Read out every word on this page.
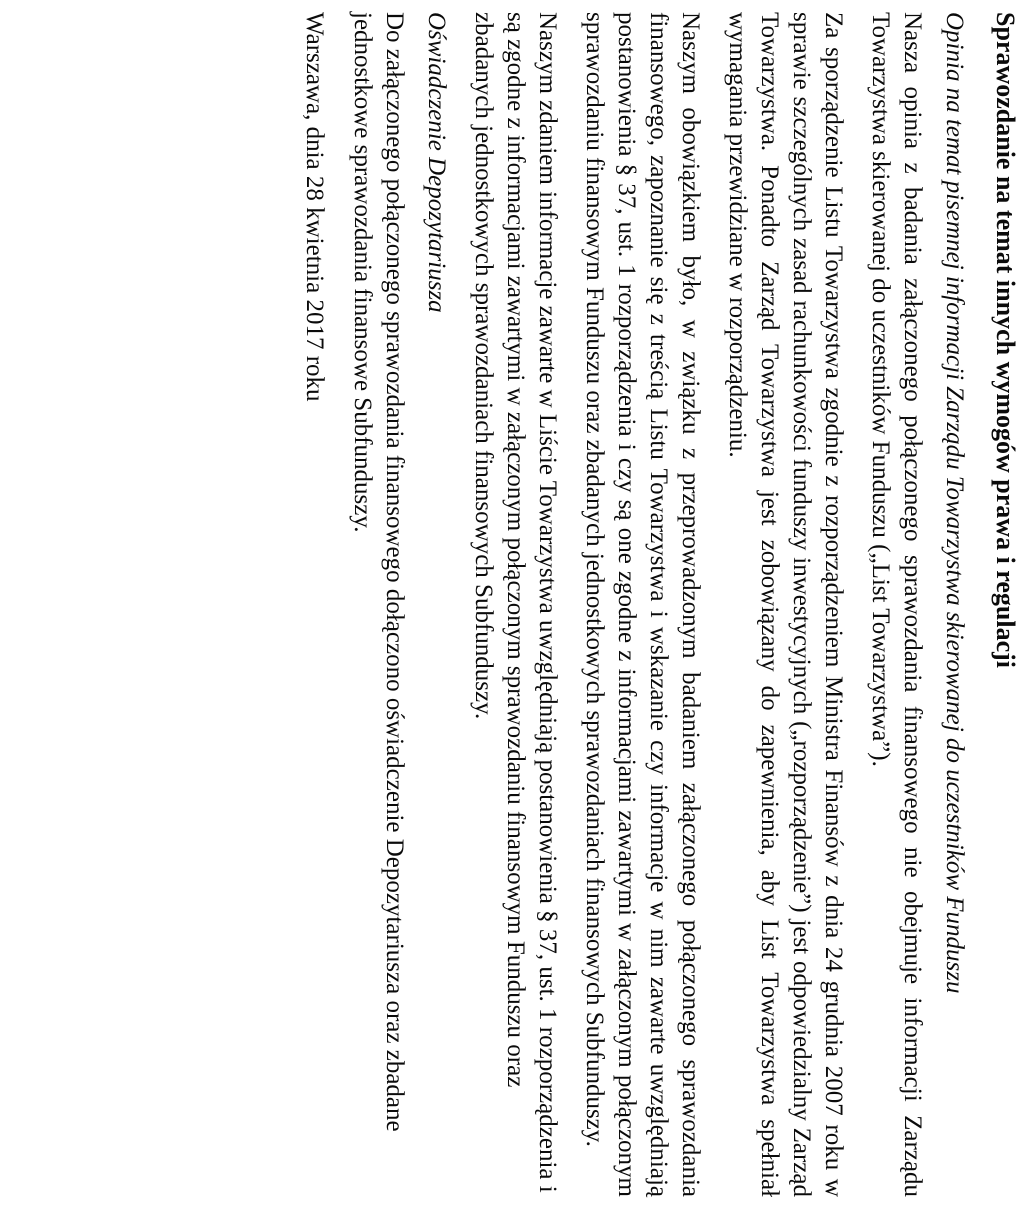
Sprawozdanie na temat innych wymogów prawa i regulacji
Opinia na temat pisemnej informacji Zarządu Towarzystwa skierowanej do uczestników Funduszu

Nasza opinia z badania załączonego połączonego sprawozdania finansowego nie obejmuje informacji Zarządu Towarzystwa skierowanej do uczestników Funduszu („List Towarzystwa”).

Za sporządzenie Listu Towarzystwa zgodnie z rozporządzeniem Ministra Finansów z dnia 24 grudnia 2007 roku w sprawie szczególnych zasad rachunkowości funduszy inwestycyjnych („rozporządzenie”) jest odpowiedzialny Zarząd Towarzystwa. Ponadto Zarząd Towarzystwa jest zobowiązany do zapewnienia, aby List Towarzystwa spełniał wymagania przewidziane w rozporządzeniu.

Naszym obowiązkiem było, w związku z przeprowadzonym badaniem załączonego połączonego sprawozdania finansowego, zapoznanie się z treścią Listu Towarzystwa i wskazanie czy informacje w nim zawarte uwzględniają postanowienia § 37, ust. 1 rozporządzenia i czy są one zgodne z informacjami zawartymi w załączonym połączonym sprawozdaniu finansowym Funduszu oraz zbadanych jednostkowych sprawozdaniach finansowych Subfunduszy.

Naszym zdaniem informacje zawarte w Liście Towarzystwa uwzględniają postanowienia § 37, ust. 1 rozporządzenia i są zgodne z informacjami zawartymi w załączonym połączonym sprawozdaniu finansowym Funduszu oraz zbadanych jednostkowych sprawozdaniach finansowych Subfunduszy.

Oświadczenie Depozytariusza

Do załączonego połączonego sprawozdania finansowego dołączono oświadczenie Depozytariusza oraz zbadane jednostkowe sprawozdania finansowe Subfunduszy.

Warszawa, dnia 28 kwietnia 2017 roku
